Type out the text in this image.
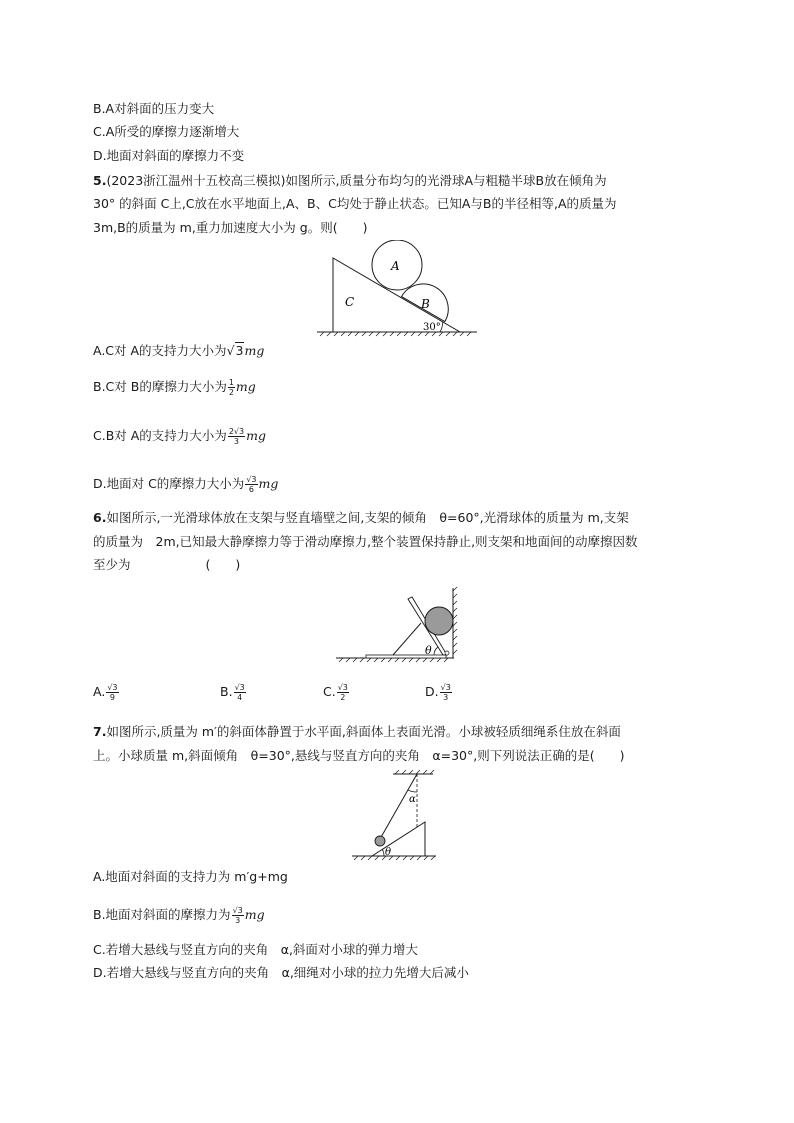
B.A对斜面的压力变大
C.A所受的摩擦力逐渐增大
D.地面对斜面的摩擦力不变
5.(2023浙江温州十五校高三模拟)如图所示,质量分布均匀的光滑球A与粗糙半球B放在倾角为
30° 的斜面 C上,C放在水平地面上,A、B、C均处于静止状态。已知A与B的半径相等,A的质量为
3m,B的质量为 m,重力加速度大小为 g。则(　　)
A
B
C
30°
A.C对 A的支持力大小为√3mg
B.C对 B的摩擦力大小为 $\frac{1}{2}$ mg
C.B对 A的支持力大小为 $\frac{2√3}{3}$ mg
D.地面对 C的摩擦力大小为 $\frac{√3}{6}$ mg
6.如图所示,一光滑球体放在支架与竖直墙壁之间,支架的倾角　θ=60°,光滑球体的质量为 m,支架
的质量为　2m,已知最大静摩擦力等于滑动摩擦力,整个装置保持静止,则支架和地面间的动摩擦因数
至少为　　　　　　(　　)
θ
A. $\frac{√3}{9}$	B. $\frac{√3}{4}$	C. $\frac{√3}{2}$	D. $\frac{√3}{3}$
7.如图所示,质量为 m′的斜面体静置于水平面,斜面体上表面光滑。小球被轻质细绳系住放在斜面
上。小球质量 m,斜面倾角　θ=30°,悬线与竖直方向的夹角　α=30°,则下列说法正确的是(　　)
α
θ
A.地面对斜面的支持力为 m′g+mg
B.地面对斜面的摩擦力为 $\frac{√3}{3}$ mg
C.若增大悬线与竖直方向的夹角　α,斜面对小球的弹力增大
D.若增大悬线与竖直方向的夹角　α,细绳对小球的拉力先增大后减小
